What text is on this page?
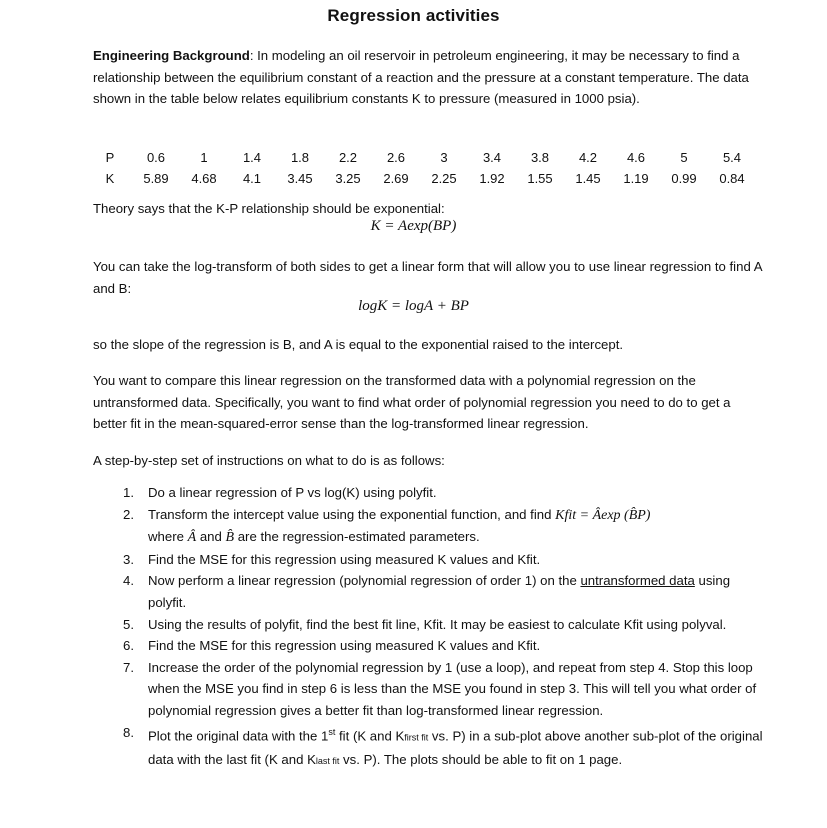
Regression activities
Engineering Background: In modeling an oil reservoir in petroleum engineering, it may be necessary to find a relationship between the equilibrium constant of a reaction and the pressure at a constant temperature. The data shown in the table below relates equilibrium constants K to pressure (measured in 1000 psia).
P	0.6	1	1.4	1.8	2.2	2.6	3	3.4	3.8	4.2	4.6	5	5.4
K	5.89	4.68	4.1	3.45	3.25	2.69	2.25	1.92	1.55	1.45	1.19	0.99	0.84
Theory says that the K-P relationship should be exponential:
K = Aexp(BP)
You can take the log-transform of both sides to get a linear form that will allow you to use linear regression to find A and B:
logK = logA + BP
so the slope of the regression is B, and A is equal to the exponential raised to the intercept.
You want to compare this linear regression on the transformed data with a polynomial regression on the untransformed data. Specifically, you want to find what order of polynomial regression you need to do to get a better fit in the mean-squared-error sense than the log-transformed linear regression.
A step-by-step set of instructions on what to do is as follows:
1. Do a linear regression of P vs log(K) using polyfit.
2. Transform the intercept value using the exponential function, and find Kfit = Âexp (B̂P)
where Â and B̂ are the regression-estimated parameters.
3. Find the MSE for this regression using measured K values and Kfit.
4. Now perform a linear regression (polynomial regression of order 1) on the untransformed data using polyfit.
5. Using the results of polyfit, find the best fit line, Kfit. It may be easiest to calculate Kfit using polyval.
6. Find the MSE for this regression using measured K values and Kfit.
7. Increase the order of the polynomial regression by 1 (use a loop), and repeat from step 4. Stop this loop when the MSE you find in step 6 is less than the MSE you found in step 3. This will tell you what order of polynomial regression gives a better fit than log-transformed linear regression.
8. Plot the original data with the 1st fit (K and Kfirst fit vs. P) in a sub-plot above another sub-plot of the original data with the last fit (K and Klast fit vs. P). The plots should be able to fit on 1 page.
